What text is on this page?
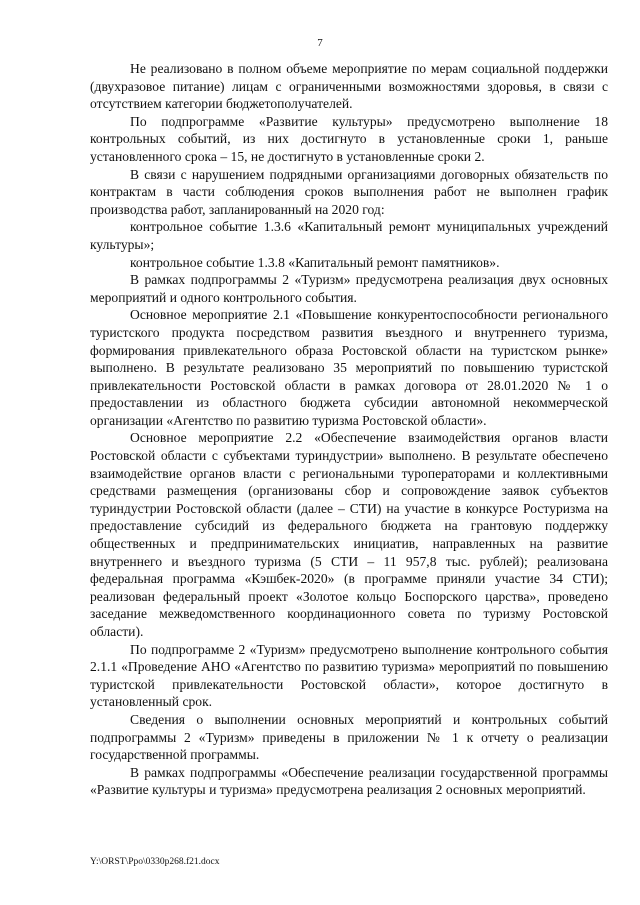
7

Не реализовано в полном объеме мероприятие по мерам социальной поддержки (двухразовое питание) лицам с ограниченными возможностями здоровья, в связи с отсутствием категории бюджетополучателей.

По подпрограмме «Развитие культуры» предусмотрено выполнение 18 контрольных событий, из них достигнуто в установленные сроки 1, раньше установленного срока – 15, не достигнуто в установленные сроки 2.

В связи с нарушением подрядными организациями договорных обязательств по контрактам в части соблюдения сроков выполнения работ не выполнен график производства работ, запланированный на 2020 год:

контрольное событие 1.3.6 «Капитальный ремонт муниципальных учреждений культуры»;

контрольное событие 1.3.8 «Капитальный ремонт памятников».

В рамках подпрограммы 2 «Туризм» предусмотрена реализация двух основных мероприятий и одного контрольного события.

Основное мероприятие 2.1 «Повышение конкурентоспособности регионального туристского продукта посредством развития въездного и внутреннего туризма, формирования привлекательного образа Ростовской области на туристском рынке» выполнено. В результате реализовано 35 мероприятий по повышению туристской привлекательности Ростовской области в рамках договора от 28.01.2020 № 1 о предоставлении из областного бюджета субсидии автономной некоммерческой организации «Агентство по развитию туризма Ростовской области».

Основное мероприятие 2.2 «Обеспечение взаимодействия органов власти Ростовской области с субъектами туриндустрии» выполнено. В результате обеспечено взаимодействие органов власти с региональными туроператорами и коллективными средствами размещения (организованы сбор и сопровождение заявок субъектов туриндустрии Ростовской области (далее – СТИ) на участие в конкурсе Ростуризма на предоставление субсидий из федерального бюджета на грантовую поддержку общественных и предпринимательских инициатив, направленных на развитие внутреннего и въездного туризма (5 СТИ – 11 957,8 тыс. рублей); реализована федеральная программа «Кэшбек-2020» (в программе приняли участие 34 СТИ); реализован федеральный проект «Золотое кольцо Боспорского царства», проведено заседание межведомственного координационного совета по туризму Ростовской области).

По подпрограмме 2 «Туризм» предусмотрено выполнение контрольного события 2.1.1 «Проведение АНО «Агентство по развитию туризма» мероприятий по повышению туристской привлекательности Ростовской области», которое достигнуто в установленный срок.

Сведения о выполнении основных мероприятий и контрольных событий подпрограммы 2 «Туризм» приведены в приложении № 1 к отчету о реализации государственной программы.

В рамках подпрограммы «Обеспечение реализации государственной программы «Развитие культуры и туризма» предусмотрена реализация 2 основных мероприятий.

Y:\ORST\Ppo\0330p268.f21.docx
